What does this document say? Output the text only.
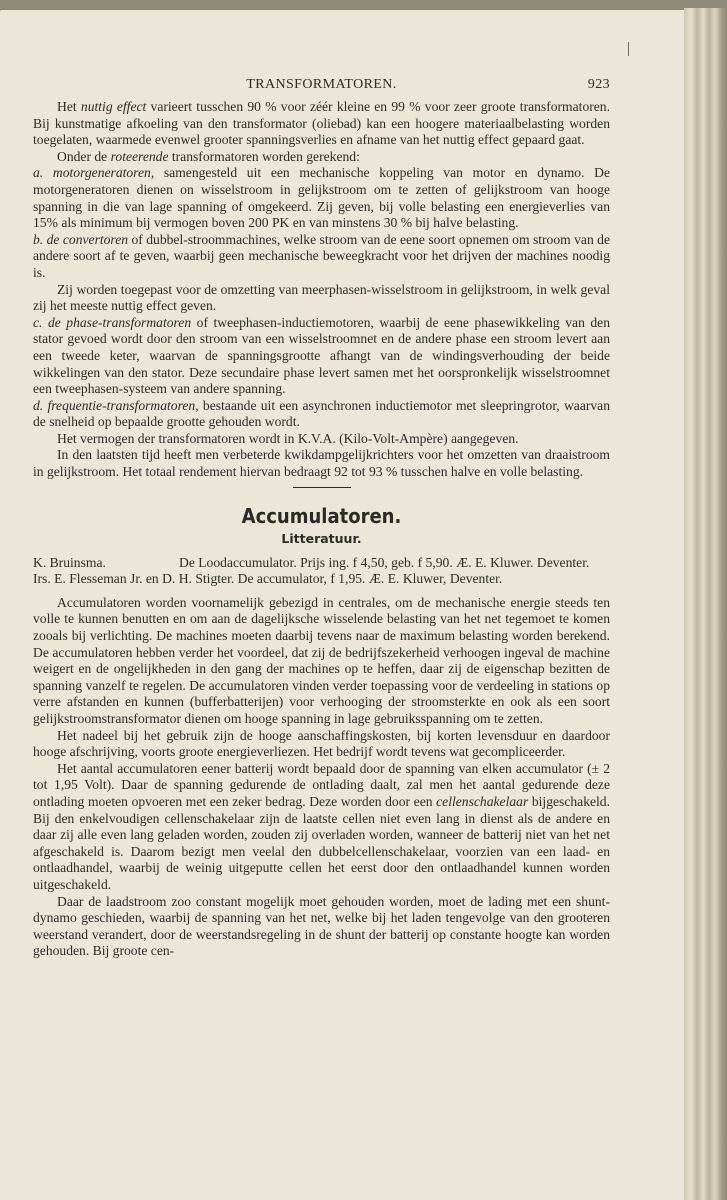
TRANSFORMATOREN.	923

Het nuttig effect varieert tusschen 90 % voor zéér kleine en 99 % voor zeer groote transformatoren. Bij kunstmatige afkoeling van den transformator (oliebad) kan een hoogere materiaalbelasting worden toegelaten, waarmede evenwel grooter spanningsverlies en afname van het nuttig effect gepaard gaat.

Onder de roteerende transformatoren worden gerekend:

a. motorgeneratoren, samengesteld uit een mechanische koppeling van motor en dynamo. De motorgeneratoren dienen on wisselstroom in gelijkstroom om te zetten of gelijkstroom van hooge spanning in die van lage spanning of omgekeerd. Zij geven, bij volle belasting een energieverlies van 15% als minimum bij vermogen boven 200 PK en van minstens 30 % bij halve belasting.

b. de convertoren of dubbel-stroommachines, welke stroom van de eene soort opnemen om stroom van de andere soort af te geven, waarbij geen mechanische beweegkracht voor het drijven der machines noodig is.

Zij worden toegepast voor de omzetting van meerphasen-wisselstroom in gelijkstroom, in welk geval zij het meeste nuttig effect geven.

c. de phase-transformatoren of tweephasen-inductiemotoren, waarbij de eene phasewikkeling van den stator gevoed wordt door den stroom van een wisselstroomnet en de andere phase een stroom levert aan een tweede keter, waarvan de spanningsgrootte afhangt van de windingsverhouding der beide wikkelingen van den stator. Deze secundaire phase levert samen met het oorspronkelijk wisselstroomnet een tweephasen-systeem van andere spanning.

d. frequentie-transformatoren, bestaande uit een asynchronen inductiemotor met sleepringrotor, waarvan de snelheid op bepaalde grootte gehouden wordt.

Het vermogen der transformatoren wordt in K.V.A. (Kilo-Volt-Ampère) aangegeven.

In den laatsten tijd heeft men verbeterde kwikdampgelijkrichters voor het omzetten van draaistroom in gelijkstroom. Het totaal rendement hiervan bedraagt 92 tot 93 % tusschen halve en volle belasting.

Accumulatoren.
Litteratuur.
K. Bruinsma.	De Loodaccumulator. Prijs ing. f 4,50, geb. f 5,90. Æ. E. Kluwer. Deventer.
Irs. E. Flesseman Jr. en D. H. Stigter. De accumulator, f 1,95. Æ. E. Kluwer, Deventer.

Accumulatoren worden voornamelijk gebezigd in centrales, om de mechanische energie steeds ten volle te kunnen benutten en om aan de dagelijksche wisselende belasting van het net tegemoet te komen zooals bij verlichting. De machines moeten daarbij tevens naar de maximum belasting worden berekend. De accumulatoren hebben verder het voordeel, dat zij de bedrijfszekerheid verhoogen ingeval de machine weigert en de ongelijkheden in den gang der machines op te heffen, daar zij de eigenschap bezitten de spanning vanzelf te regelen. De accumulatoren vinden verder toepassing voor de verdeeling in stations op verre afstanden en kunnen (bufferbatterijen) voor verhooging der stroomsterkte en ook als een soort gelijkstroomstransformator dienen om hooge spanning in lage gebruiksspanning om te zetten.

Het nadeel bij het gebruik zijn de hooge aanschaffingskosten, bij korten levensduur en daardoor hooge afschrijving, voorts groote energieverliezen. Het bedrijf wordt tevens wat gecompliceerder.

Het aantal accumulatoren eener batterij wordt bepaald door de spanning van elken accumulator (± 2 tot 1,95 Volt). Daar de spanning gedurende de ontlading daalt, zal men het aantal gedurende deze ontlading moeten opvoeren met een zeker bedrag. Deze worden door een cellenschakelaar bijgeschakeld. Bij den enkelvoudigen cellenschakelaar zijn de laatste cellen niet even lang in dienst als de andere en daar zij alle even lang geladen worden, zouden zij overladen worden, wanneer de batterij niet van het net afgeschakeld is. Daarom bezigt men veelal den dubbelcellenschakelaar, voorzien van een laad- en ontlaadhandel, waarbij de weinig uitgeputte cellen het eerst door den ontlaadhandel kunnen worden uitgeschakeld.

Daar de laadstroom zoo constant mogelijk moet gehouden worden, moet de lading met een shunt-dynamo geschieden, waarbij de spanning van het net, welke bij het laden tengevolge van den grooteren weerstand verandert, door de weerstandsregeling in de shunt der batterij op constante hoogte kan worden gehouden. Bij groote cen-
